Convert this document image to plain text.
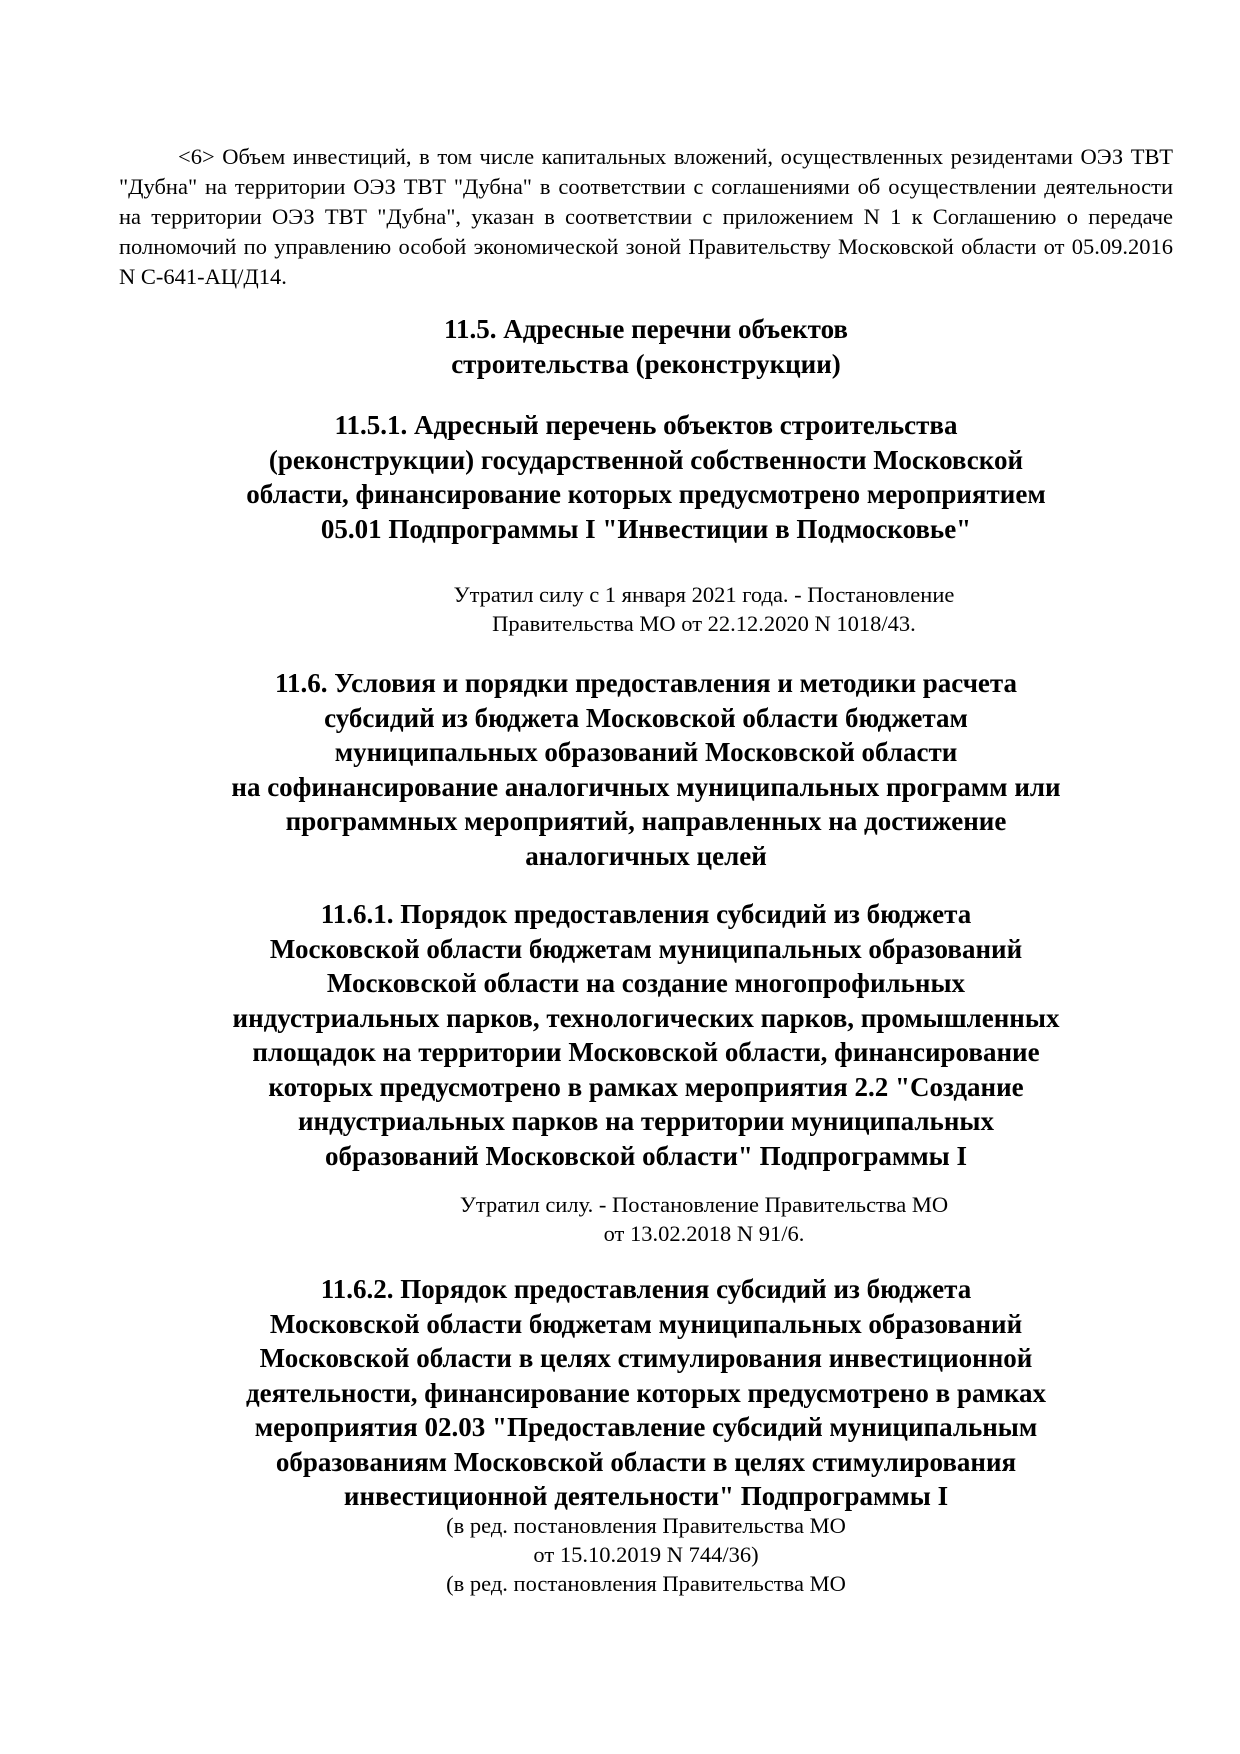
<6> Объем инвестиций, в том числе капитальных вложений, осуществленных резидентами ОЭЗ ТВТ "Дубна" на территории ОЭЗ ТВТ "Дубна" в соответствии с соглашениями об осуществлении деятельности на территории ОЭЗ ТВТ "Дубна", указан в соответствии с приложением N 1 к Соглашению о передаче полномочий по управлению особой экономической зоной Правительству Московской области от 05.09.2016 N С-641-АЦ/Д14.

11.5. Адресные перечни объектов
строительства (реконструкции)
11.5.1. Адресный перечень объектов строительства
(реконструкции) государственной собственности Московской
области, финансирование которых предусмотрено мероприятием
05.01 Подпрограммы I "Инвестиции в Подмосковье"
Утратил силу с 1 января 2021 года. - Постановление
Правительства МО от 22.12.2020 N 1018/43.
11.6. Условия и порядки предоставления и методики расчета
субсидий из бюджета Московской области бюджетам
муниципальных образований Московской области
на софинансирование аналогичных муниципальных программ или
программных мероприятий, направленных на достижение
аналогичных целей
11.6.1. Порядок предоставления субсидий из бюджета
Московской области бюджетам муниципальных образований
Московской области на создание многопрофильных
индустриальных парков, технологических парков, промышленных
площадок на территории Московской области, финансирование
которых предусмотрено в рамках мероприятия 2.2 "Создание
индустриальных парков на территории муниципальных
образований Московской области" Подпрограммы I
Утратил силу. - Постановление Правительства МО
от 13.02.2018 N 91/6.
11.6.2. Порядок предоставления субсидий из бюджета
Московской области бюджетам муниципальных образований
Московской области в целях стимулирования инвестиционной
деятельности, финансирование которых предусмотрено в рамках
мероприятия 02.03 "Предоставление субсидий муниципальным
образованиям Московской области в целях стимулирования
инвестиционной деятельности" Подпрограммы I
(в ред. постановления Правительства МО
от 15.10.2019 N 744/36)
(в ред. постановления Правительства МО
